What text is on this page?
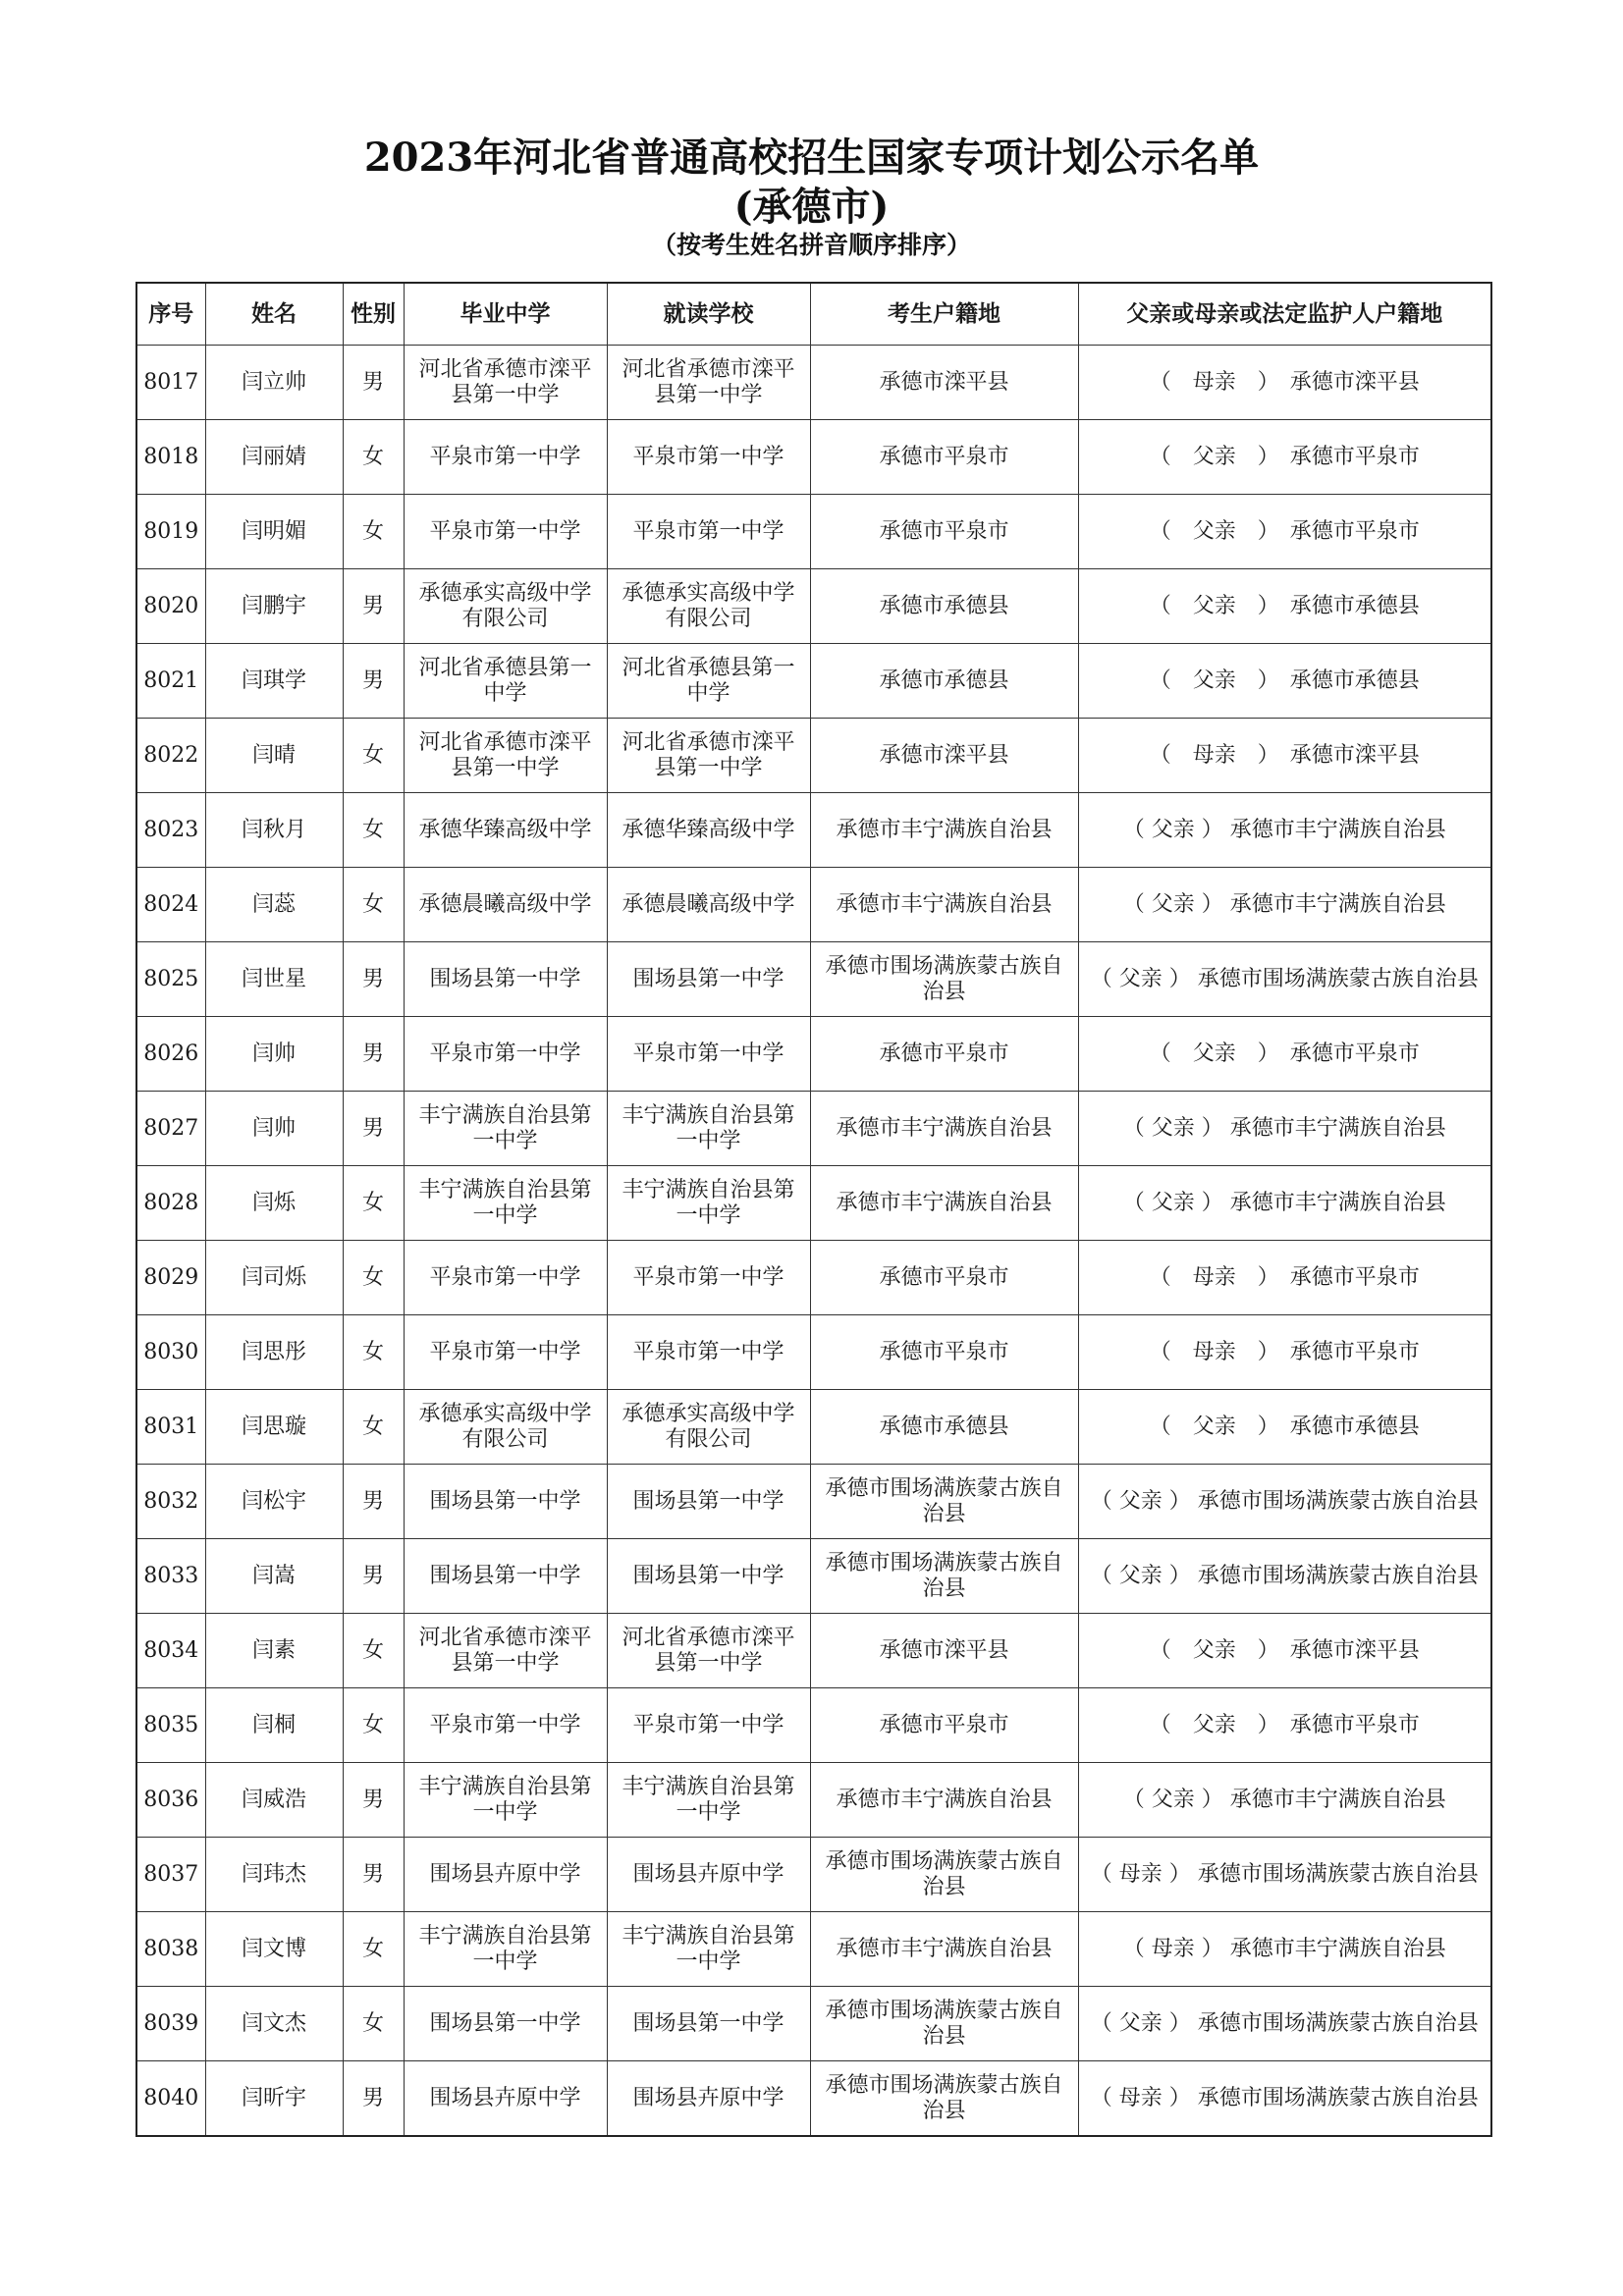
2023年河北省普通高校招生国家专项计划公示名单
(承德市)
（按考生姓名拼音顺序排序）
序号	姓名	性别	毕业中学	就读学校	考生户籍地	父亲或母亲或法定监护人户籍地
8017	闫立帅	男	河北省承德市滦平县第一中学	河北省承德市滦平县第一中学	承德市滦平县	（　母亲　）　承德市滦平县
8018	闫丽婧	女	平泉市第一中学	平泉市第一中学	承德市平泉市	（　父亲　）　承德市平泉市
8019	闫明媚	女	平泉市第一中学	平泉市第一中学	承德市平泉市	（　父亲　）　承德市平泉市
8020	闫鹏宇	男	承德承实高级中学有限公司	承德承实高级中学有限公司	承德市承德县	（　父亲　）　承德市承德县
8021	闫琪学	男	河北省承德县第一中学	河北省承德县第一中学	承德市承德县	（　父亲　）　承德市承德县
8022	闫晴	女	河北省承德市滦平县第一中学	河北省承德市滦平县第一中学	承德市滦平县	（　母亲　）　承德市滦平县
8023	闫秋月	女	承德华臻高级中学	承德华臻高级中学	承德市丰宁满族自治县	（ 父亲 ） 承德市丰宁满族自治县
8024	闫蕊	女	承德晨曦高级中学	承德晨曦高级中学	承德市丰宁满族自治县	（ 父亲 ） 承德市丰宁满族自治县
8025	闫世星	男	围场县第一中学	围场县第一中学	承德市围场满族蒙古族自治县	（ 父亲 ） 承德市围场满族蒙古族自治县
8026	闫帅	男	平泉市第一中学	平泉市第一中学	承德市平泉市	（　父亲　）　承德市平泉市
8027	闫帅	男	丰宁满族自治县第一中学	丰宁满族自治县第一中学	承德市丰宁满族自治县	（ 父亲 ） 承德市丰宁满族自治县
8028	闫烁	女	丰宁满族自治县第一中学	丰宁满族自治县第一中学	承德市丰宁满族自治县	（ 父亲 ） 承德市丰宁满族自治县
8029	闫司烁	女	平泉市第一中学	平泉市第一中学	承德市平泉市	（　母亲　）　承德市平泉市
8030	闫思彤	女	平泉市第一中学	平泉市第一中学	承德市平泉市	（　母亲　）　承德市平泉市
8031	闫思璇	女	承德承实高级中学有限公司	承德承实高级中学有限公司	承德市承德县	（　父亲　）　承德市承德县
8032	闫松宇	男	围场县第一中学	围场县第一中学	承德市围场满族蒙古族自治县	（ 父亲 ） 承德市围场满族蒙古族自治县
8033	闫嵩	男	围场县第一中学	围场县第一中学	承德市围场满族蒙古族自治县	（ 父亲 ） 承德市围场满族蒙古族自治县
8034	闫素	女	河北省承德市滦平县第一中学	河北省承德市滦平县第一中学	承德市滦平县	（　父亲　）　承德市滦平县
8035	闫桐	女	平泉市第一中学	平泉市第一中学	承德市平泉市	（　父亲　）　承德市平泉市
8036	闫威浩	男	丰宁满族自治县第一中学	丰宁满族自治县第一中学	承德市丰宁满族自治县	（ 父亲 ） 承德市丰宁满族自治县
8037	闫玮杰	男	围场县卉原中学	围场县卉原中学	承德市围场满族蒙古族自治县	（ 母亲 ） 承德市围场满族蒙古族自治县
8038	闫文博	女	丰宁满族自治县第一中学	丰宁满族自治县第一中学	承德市丰宁满族自治县	（ 母亲 ） 承德市丰宁满族自治县
8039	闫文杰	女	围场县第一中学	围场县第一中学	承德市围场满族蒙古族自治县	（ 父亲 ） 承德市围场满族蒙古族自治县
8040	闫昕宇	男	围场县卉原中学	围场县卉原中学	承德市围场满族蒙古族自治县	（ 母亲 ） 承德市围场满族蒙古族自治县
